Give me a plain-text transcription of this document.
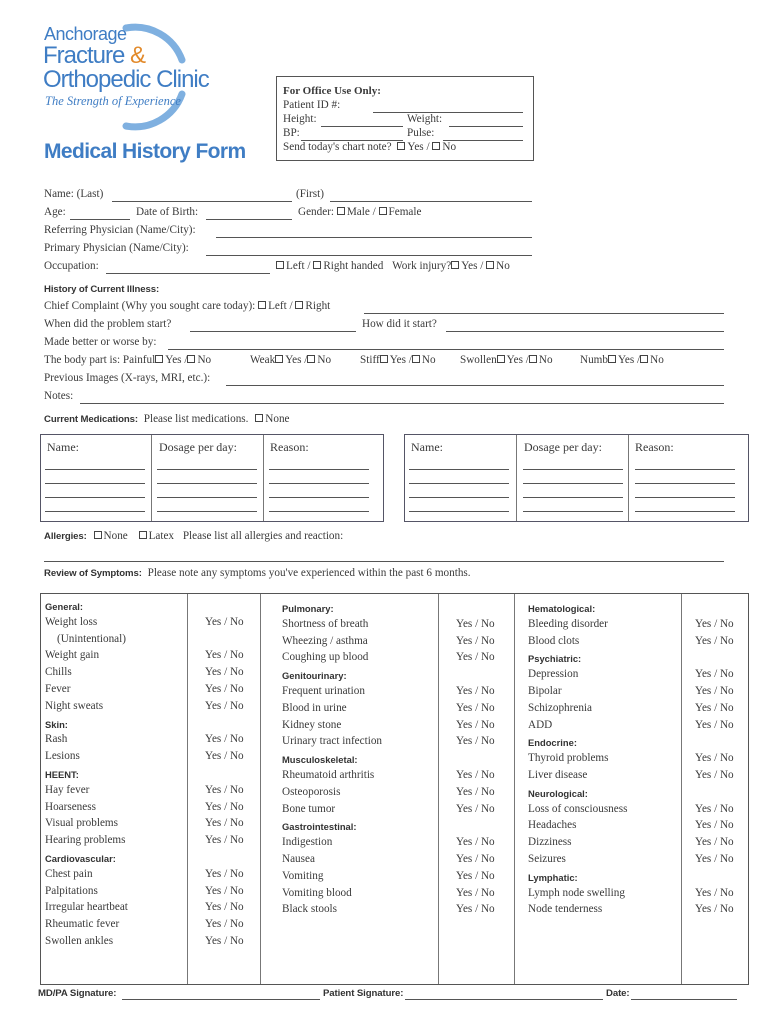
Anchorage
Fracture &
Orthopedic Clinic
The Strength of Experience
Medical History Form
For Office Use Only:
Patient ID #:
Height:	Weight:
BP:	Pulse:
Send today's chart note? Yes / No
Name: (Last)	(First)
Age:	Date of Birth:	Gender: Male / Female
Referring Physician (Name/City):
Primary Physician (Name/City):
Occupation:	Left / Right handed Work injury? Yes / No
History of Current Illness:
Chief Complaint (Why you sought care today): Left / Right
When did the problem start?	How did it start?
Made better or worse by:
The body part is: Painful Yes / No	Weak Yes / No	Stiff Yes / No Swollen Yes / No Numb Yes / No
Previous Images (X-rays, MRI, etc.):
Notes:
Current Medications: Please list medications. None
Name:	Dosage per day:	Reason:	Name:	Dosage per day:	Reason:
Allergies: None Latex Please list all allergies and reaction:
Review of Symptoms: Please note any symptoms you've experienced within the past 6 months.
General:
Weight loss	Yes / No
(Unintentional)
Weight gain	Yes / No
Chills	Yes / No
Fever	Yes / No
Night sweats	Yes / No
Skin:
Rash	Yes / No
Lesions	Yes / No
HEENT:
Hay fever	Yes / No
Hoarseness	Yes / No
Visual problems	Yes / No
Hearing problems	Yes / No
Cardiovascular:
Chest pain	Yes / No
Palpitations	Yes / No
Irregular heartbeat	Yes / No
Rheumatic fever	Yes / No
Swollen ankles	Yes / No
Pulmonary:
Shortness of breath	Yes / No
Wheezing / asthma	Yes / No
Coughing up blood	Yes / No
Genitourinary:
Frequent urination	Yes / No
Blood in urine	Yes / No
Kidney stone	Yes / No
Urinary tract infection	Yes / No
Musculoskeletal:
Rheumatoid arthritis	Yes / No
Osteoporosis	Yes / No
Bone tumor	Yes / No
Gastrointestinal:
Indigestion	Yes / No
Nausea	Yes / No
Vomiting	Yes / No
Vomiting blood	Yes / No
Black stools	Yes / No
Hematological:
Bleeding disorder	Yes / No
Blood clots	Yes / No
Psychiatric:
Depression	Yes / No
Bipolar	Yes / No
Schizophrenia	Yes / No
ADD	Yes / No
Endocrine:
Thyroid problems	Yes / No
Liver disease	Yes / No
Neurological:
Loss of consciousness	Yes / No
Headaches	Yes / No
Dizziness	Yes / No
Seizures	Yes / No
Lymphatic:
Lymph node swelling	Yes / No
Node tenderness	Yes / No
MD/PA Signature:	Patient Signature:	Date:
